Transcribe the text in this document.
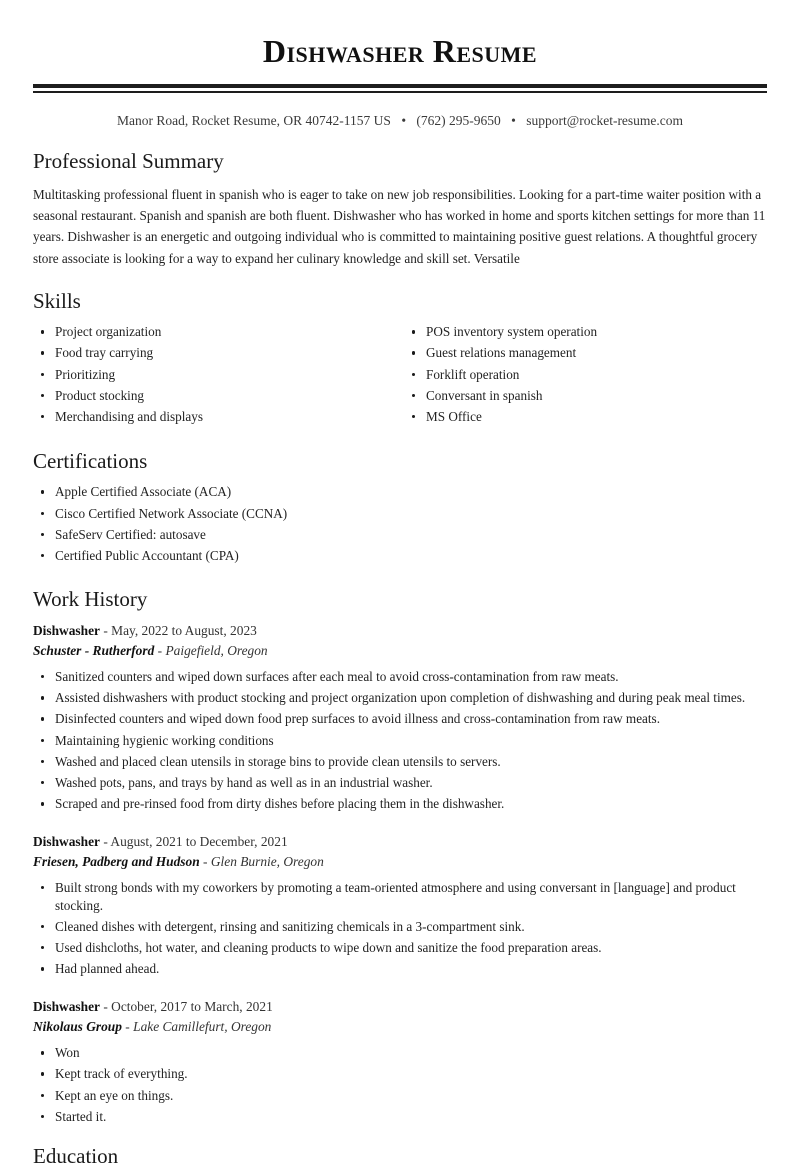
Dishwasher Resume
Manor Road, Rocket Resume, OR 40742-1157 US • (762) 295-9650 • support@rocket-resume.com
Professional Summary

Multitasking professional fluent in spanish who is eager to take on new job responsibilities. Looking for a part-time waiter position with a seasonal restaurant. Spanish and spanish are both fluent. Dishwasher who has worked in home and sports kitchen settings for more than 11 years. Dishwasher is an energetic and outgoing individual who is committed to maintaining positive guest relations. A thoughtful grocery store associate is looking for a way to expand her culinary knowledge and skill set. Versatile

Skills
Project organization
Food tray carrying
Prioritizing
Product stocking
Merchandising and displays
POS inventory system operation
Guest relations management
Forklift operation
Conversant in spanish
MS Office
Certifications
Apple Certified Associate (ACA)
Cisco Certified Network Associate (CCNA)
SafeServ Certified: autosave
Certified Public Accountant (CPA)
Work History
Dishwasher - May, 2022 to August, 2023
Schuster - Rutherford - Paigefield, Oregon
Sanitized counters and wiped down surfaces after each meal to avoid cross-contamination from raw meats.
Assisted dishwashers with product stocking and project organization upon completion of dishwashing and during peak meal times.
Disinfected counters and wiped down food prep surfaces to avoid illness and cross-contamination from raw meats.
Maintaining hygienic working conditions
Washed and placed clean utensils in storage bins to provide clean utensils to servers.
Washed pots, pans, and trays by hand as well as in an industrial washer.
Scraped and pre-rinsed food from dirty dishes before placing them in the dishwasher.
Dishwasher - August, 2021 to December, 2021
Friesen, Padberg and Hudson - Glen Burnie, Oregon
Built strong bonds with my coworkers by promoting a team-oriented atmosphere and using conversant in [language] and product stocking.
Cleaned dishes with detergent, rinsing and sanitizing chemicals in a 3-compartment sink.
Used dishcloths, hot water, and cleaning products to wipe down and sanitize the food preparation areas.
Had planned ahead.
Dishwasher - October, 2017 to March, 2021
Nikolaus Group - Lake Camillefurt, Oregon
Won
Kept track of everything.
Kept an eye on things.
Started it.
Education
